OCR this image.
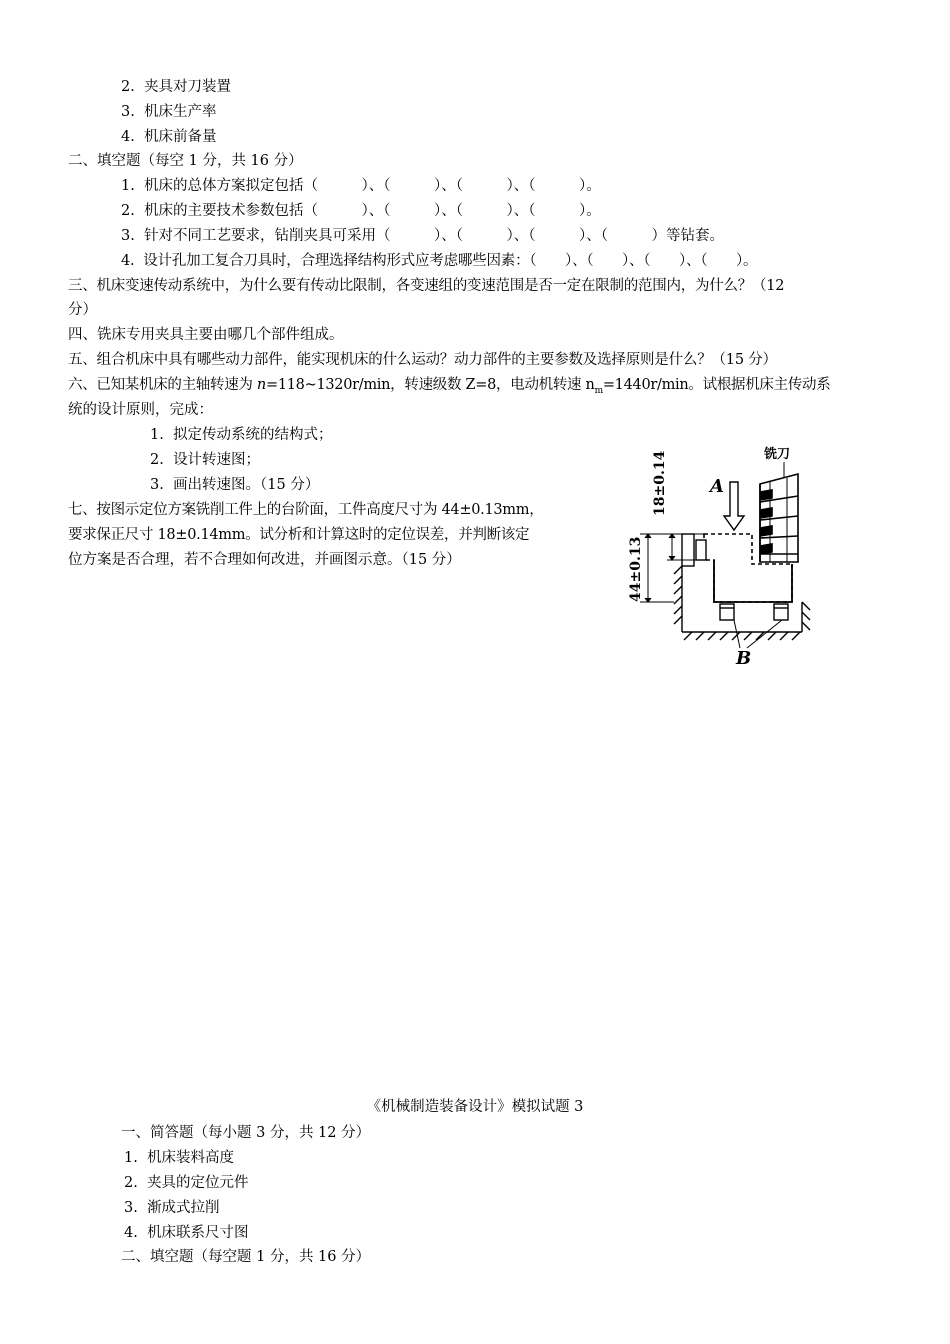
2. 夹具对刀装置
3. 机床生产率
4. 机床前备量
二、填空题（每空 1 分，共 16 分）
1. 机床的总体方案拟定包括（　　　）、（　　　）、（　　　）、（　　　）。
2. 机床的主要技术参数包括（　　　）、（　　　）、（　　　）、（　　　）。
3. 针对不同工艺要求，钻削夹具可采用（　　　）、（　　　）、（　　　）、（　　　）等钻套。
4. 设计孔加工复合刀具时，合理选择结构形式应考虑哪些因素：（　　）、（　　）、（　　）、（　　）。
三、机床变速传动系统中，为什么要有传动比限制，各变速组的变速范围是否一定在限制的范围内，为什么？（12
分）
四、铣床专用夹具主要由哪几个部件组成。
五、组合机床中具有哪些动力部件，能实现机床的什么运动？动力部件的主要参数及选择原则是什么？（15 分）
六、已知某机床的主轴转速为 n=118~1320r/min，转速级数 Z=8，电动机转速 $n_m=1440r/\min$。试根据机床主传动系
统的设计原则，完成：
1. 拟定传动系统的结构式；
2. 设计转速图；
3. 画出转速图。（15 分）
七、按图示定位方案铣削工件上的台阶面，工件高度尺寸为 44±0.13mm，
要求保正尺寸 18±0.14mm。试分析和计算这时的定位误差，并判断该定
位方案是否合理，若不合理如何改进，并画图示意。（15 分）
铣刀
A
B
18±0.14
44±0.13
《机械制造装备设计》模拟试题 3
一、简答题（每小题 3 分，共 12 分）
1. 机床装料高度
2. 夹具的定位元件
3. 渐成式拉削
4. 机床联系尺寸图
二、填空题（每空题 1 分，共 16 分）
